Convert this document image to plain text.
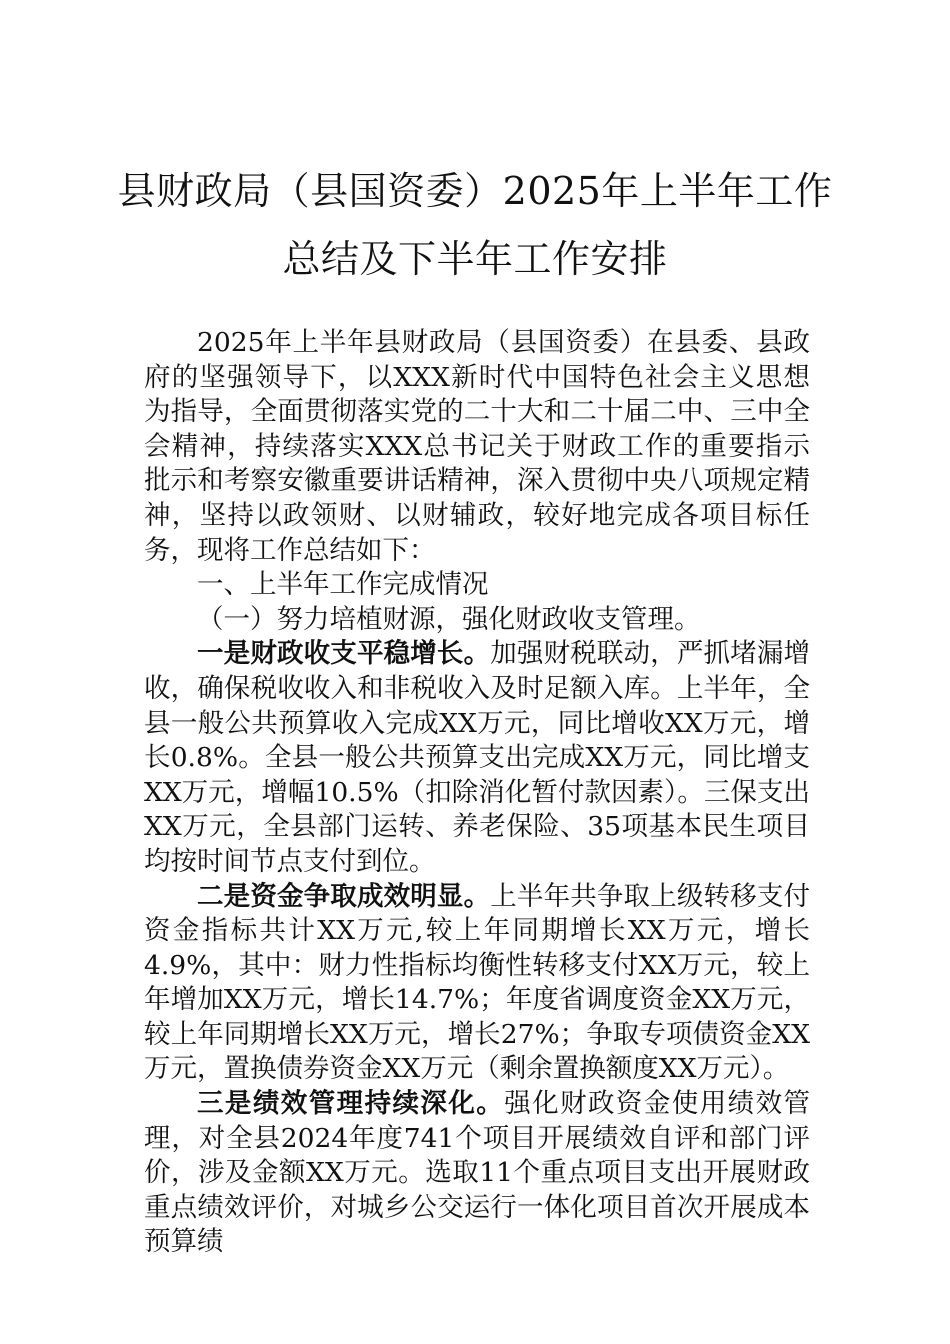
县财政局（县国资委）2025年上半年工作
总结及下半年工作安排

2025年上半年县财政局（县国资委）在县委、县政府的坚强领导下，以XXX新时代中国特色社会主义思想为指导，全面贯彻落实党的二十大和二十届二中、三中全会精神，持续落实XXX总书记关于财政工作的重要指示批示和考察安徽重要讲话精神，深入贯彻中央八项规定精神，坚持以政领财、以财辅政，较好地完成各项目标任务，现将工作总结如下：

一、上半年工作完成情况

（一）努力培植财源，强化财政收支管理。

一是财政收支平稳增长。加强财税联动，严抓堵漏增收，确保税收收入和非税收入及时足额入库。上半年，全县一般公共预算收入完成XX万元，同比增收XX万元，增长0.8%。全县一般公共预算支出完成XX万元，同比增支XX万元，增幅10.5%（扣除消化暂付款因素）。三保支出XX万元，全县部门运转、养老保险、35项基本民生项目均按时间节点支付到位。

二是资金争取成效明显。上半年共争取上级转移支付资金指标共计XX万元,较上年同期增长XX万元，增长4.9%，其中：财力性指标均衡性转移支付XX万元，较上年增加XX万元，增长14.7%；年度省调度资金XX万元，较上年同期增长XX万元，增长27%；争取专项债资金XX万元，置换债券资金XX万元（剩余置换额度XX万元）。

三是绩效管理持续深化。强化财政资金使用绩效管理，对全县2024年度741个项目开展绩效自评和部门评价，涉及金额XX万元。选取11个重点项目支出开展财政重点绩效评价，对城乡公交运行一体化项目首次开展成本预算绩
